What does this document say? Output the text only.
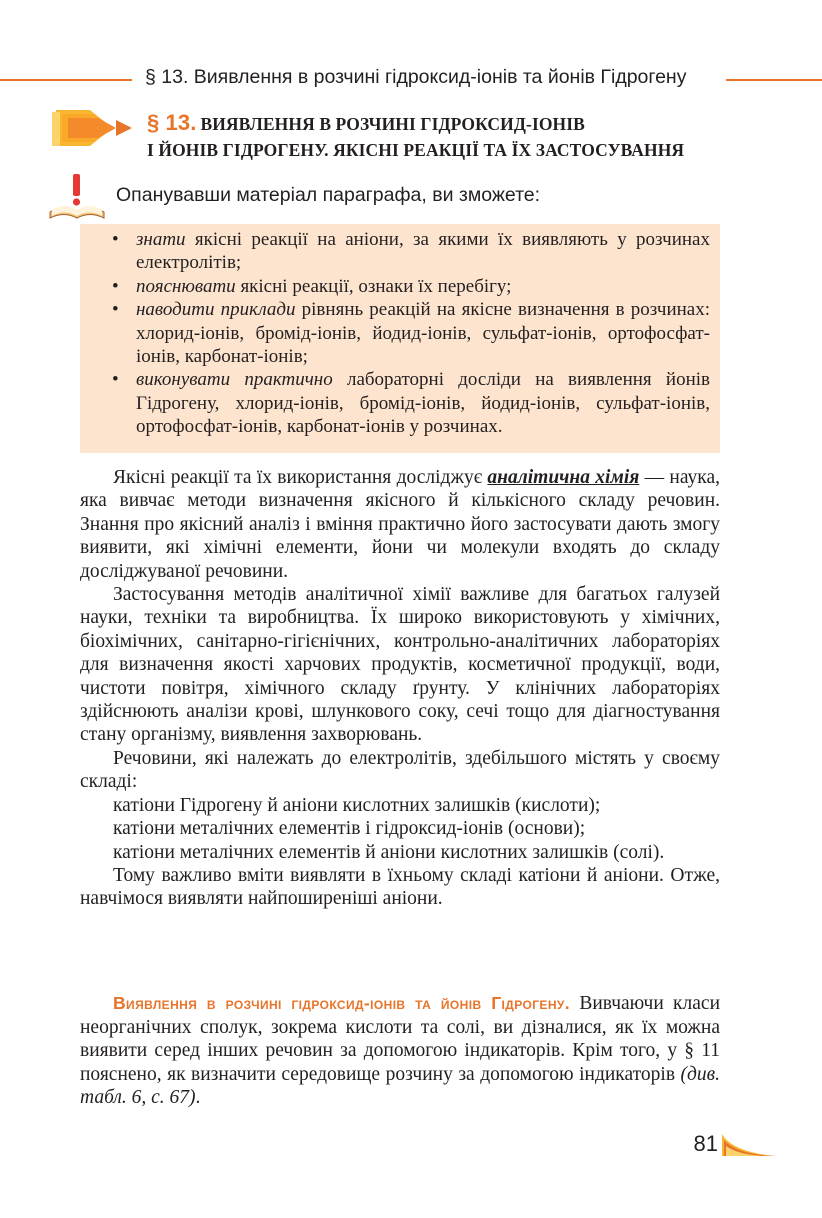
§ 13. Виявлення в розчині гідроксид-іонів та йонів Гідрогену
§ 13. ВИЯВЛЕННЯ В РОЗЧИНІ ГІДРОКСИД-ІОНІВ
І ЙОНІВ ГІДРОГЕНУ. ЯКІСНІ РЕАКЦІЇ ТА ЇХ ЗАСТОСУВАННЯ
Опанувавши матеріал параграфа, ви зможете:
• знати якісні реакції на аніони, за якими їх виявляють у розчинах електролітів;
• пояснювати якісні реакції, ознаки їх перебігу;
• наводити приклади рівнянь реакцій на якісне визначення в розчинах: хлорид-іонів, бромід-іонів, йодид-іонів, сульфат-іонів, ортофосфат-іонів, карбонат-іонів;
• виконувати практично лабораторні досліди на виявлення йонів Гідрогену, хлорид-іонів, бромід-іонів, йодид-іонів, сульфат-іонів, ортофосфат-іонів, карбонат-іонів у розчинах.

Якісні реакції та їх використання досліджує аналітична хімія — наука, яка вивчає методи визначення якісного й кількісного складу речовин. Знання про якісний аналіз і вміння практично його застосувати дають змогу виявити, які хімічні елементи, йони чи молекули входять до складу досліджуваної речовини.

Застосування методів аналітичної хімії важливе для багатьох галузей науки, техніки та виробництва. Їх широко використовують у хімічних, біохімічних, санітарно-гігієнічних, контрольно-аналітичних лабораторіях для визначення якості харчових продуктів, косметичної продукції, води, чистоти повітря, хімічного складу ґрунту. У клінічних лабораторіях здійснюють аналізи крові, шлункового соку, сечі тощо для діагностування стану організму, виявлення захворювань.

Речовини, які належать до електролітів, здебільшого містять у своєму складі:

катіони Гідрогену й аніони кислотних залишків (кислоти);

катіони металічних елементів і гідроксид-іонів (основи);

катіони металічних елементів й аніони кислотних залишків (солі).

Тому важливо вміти виявляти в їхньому складі катіони й аніони. Отже, навчімося виявляти найпоширеніші аніони.

Виявлення в розчині гідроксид-іонів та йонів Гідрогену. Вивчаючи класи неорганічних сполук, зокрема кислоти та солі, ви дізналися, як їх можна виявити серед інших речовин за допомогою індикаторів. Крім того, у § 11 пояснено, як визначити середовище розчину за допомогою індикаторів (див. табл. 6, с. 67).

81
